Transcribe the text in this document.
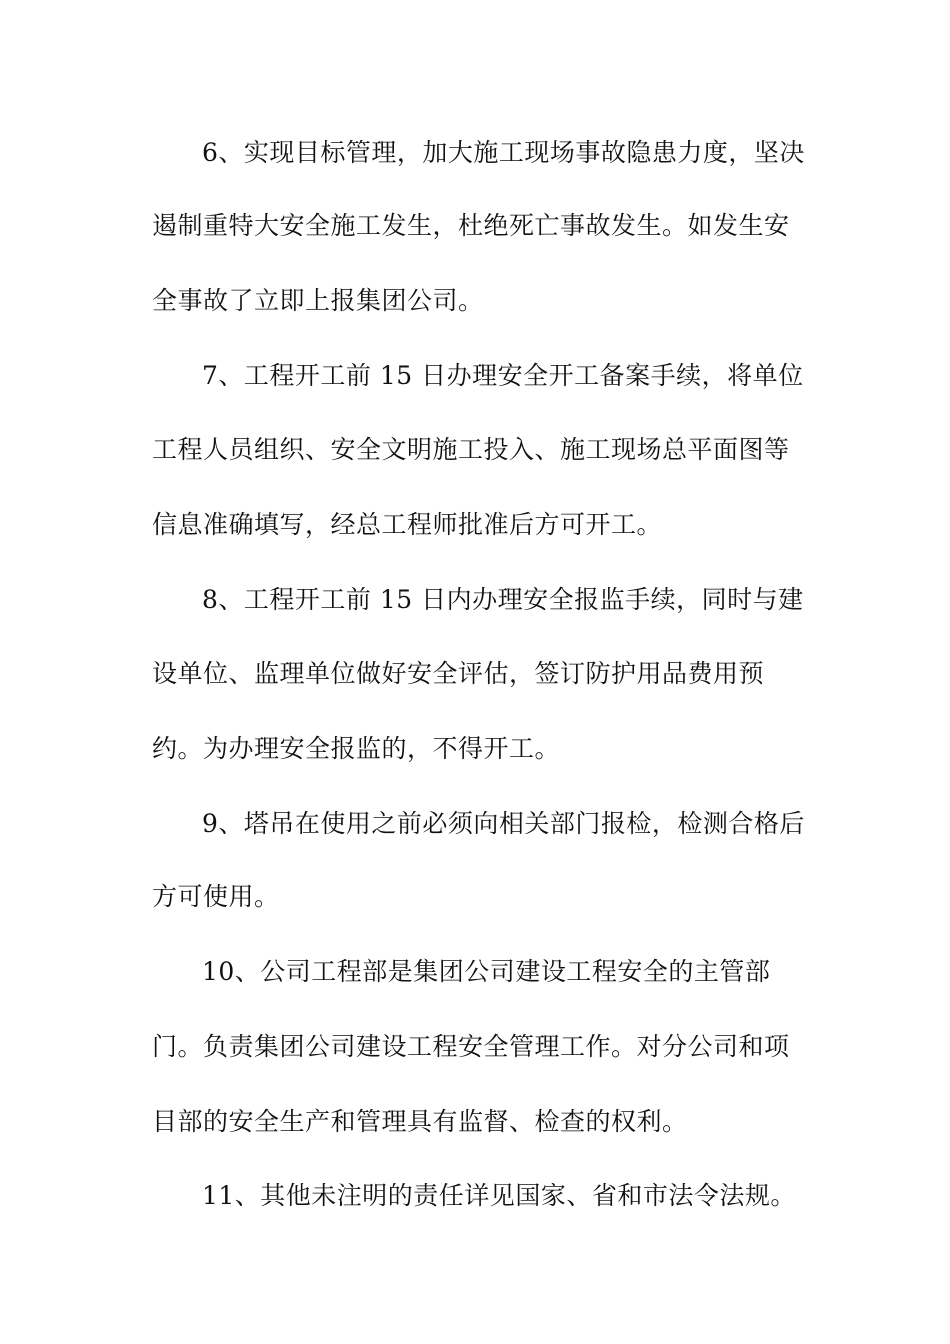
6、实现目标管理，加大施工现场事故隐患力度，坚决
遏制重特大安全施工发生，杜绝死亡事故发生。如发生安
全事故了立即上报集团公司。
7、工程开工前 15 日办理安全开工备案手续，将单位
工程人员组织、安全文明施工投入、施工现场总平面图等
信息准确填写，经总工程师批准后方可开工。
8、工程开工前 15 日内办理安全报监手续，同时与建
设单位、监理单位做好安全评估，签订防护用品费用预
约。为办理安全报监的，不得开工。
9、塔吊在使用之前必须向相关部门报检，检测合格后
方可使用。
10、公司工程部是集团公司建设工程安全的主管部
门。负责集团公司建设工程安全管理工作。对分公司和项
目部的安全生产和管理具有监督、检查的权利。
11、其他未注明的责任详见国家、省和市法令法规。
